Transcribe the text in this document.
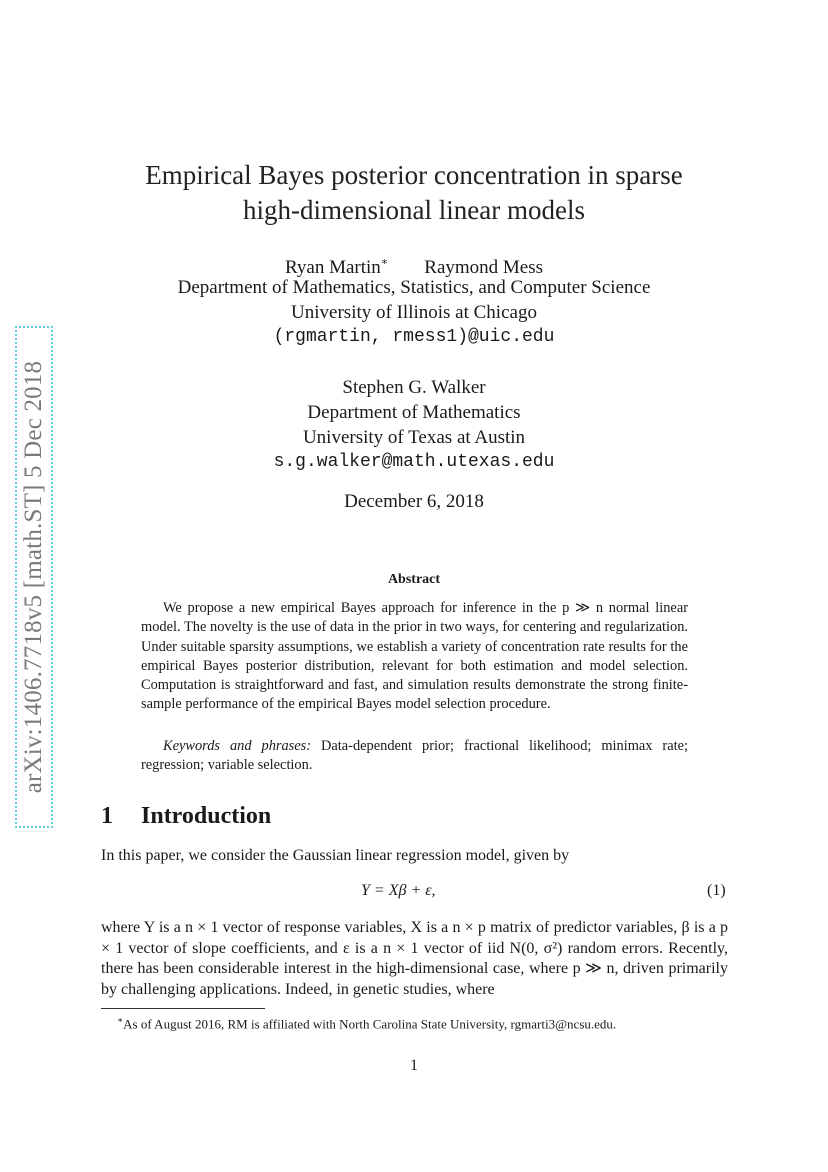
arXiv:1406.7718v5 [math.ST] 5 Dec 2018
Empirical Bayes posterior concentration in sparse
high-dimensional linear models
Ryan Martin∗ Raymond Mess
Department of Mathematics, Statistics, and Computer Science
University of Illinois at Chicago
(rgmartin, rmess1)@uic.edu
Stephen G. Walker
Department of Mathematics
University of Texas at Austin
s.g.walker@math.utexas.edu
December 6, 2018
Abstract
We propose a new empirical Bayes approach for inference in the p ≫ n normal linear model. The novelty is the use of data in the prior in two ways, for centering and regularization. Under suitable sparsity assumptions, we establish a variety of concentration rate results for the empirical Bayes posterior distribution, relevant for both estimation and model selection. Computation is straightforward and fast, and simulation results demonstrate the strong finite-sample performance of the empirical Bayes model selection procedure.
Keywords and phrases: Data-dependent prior; fractional likelihood; minimax rate; regression; variable selection.
1 Introduction
In this paper, we consider the Gaussian linear regression model, given by
Y = Xβ + ε,	(1)
where Y is a n × 1 vector of response variables, X is a n × p matrix of predictor variables, β is a p × 1 vector of slope coefficients, and ε is a n × 1 vector of iid N(0, σ²) random errors. Recently, there has been considerable interest in the high-dimensional case, where p ≫ n, driven primarily by challenging applications. Indeed, in genetic studies, where
∗As of August 2016, RM is affiliated with North Carolina State University, rgmarti3@ncsu.edu.
1
